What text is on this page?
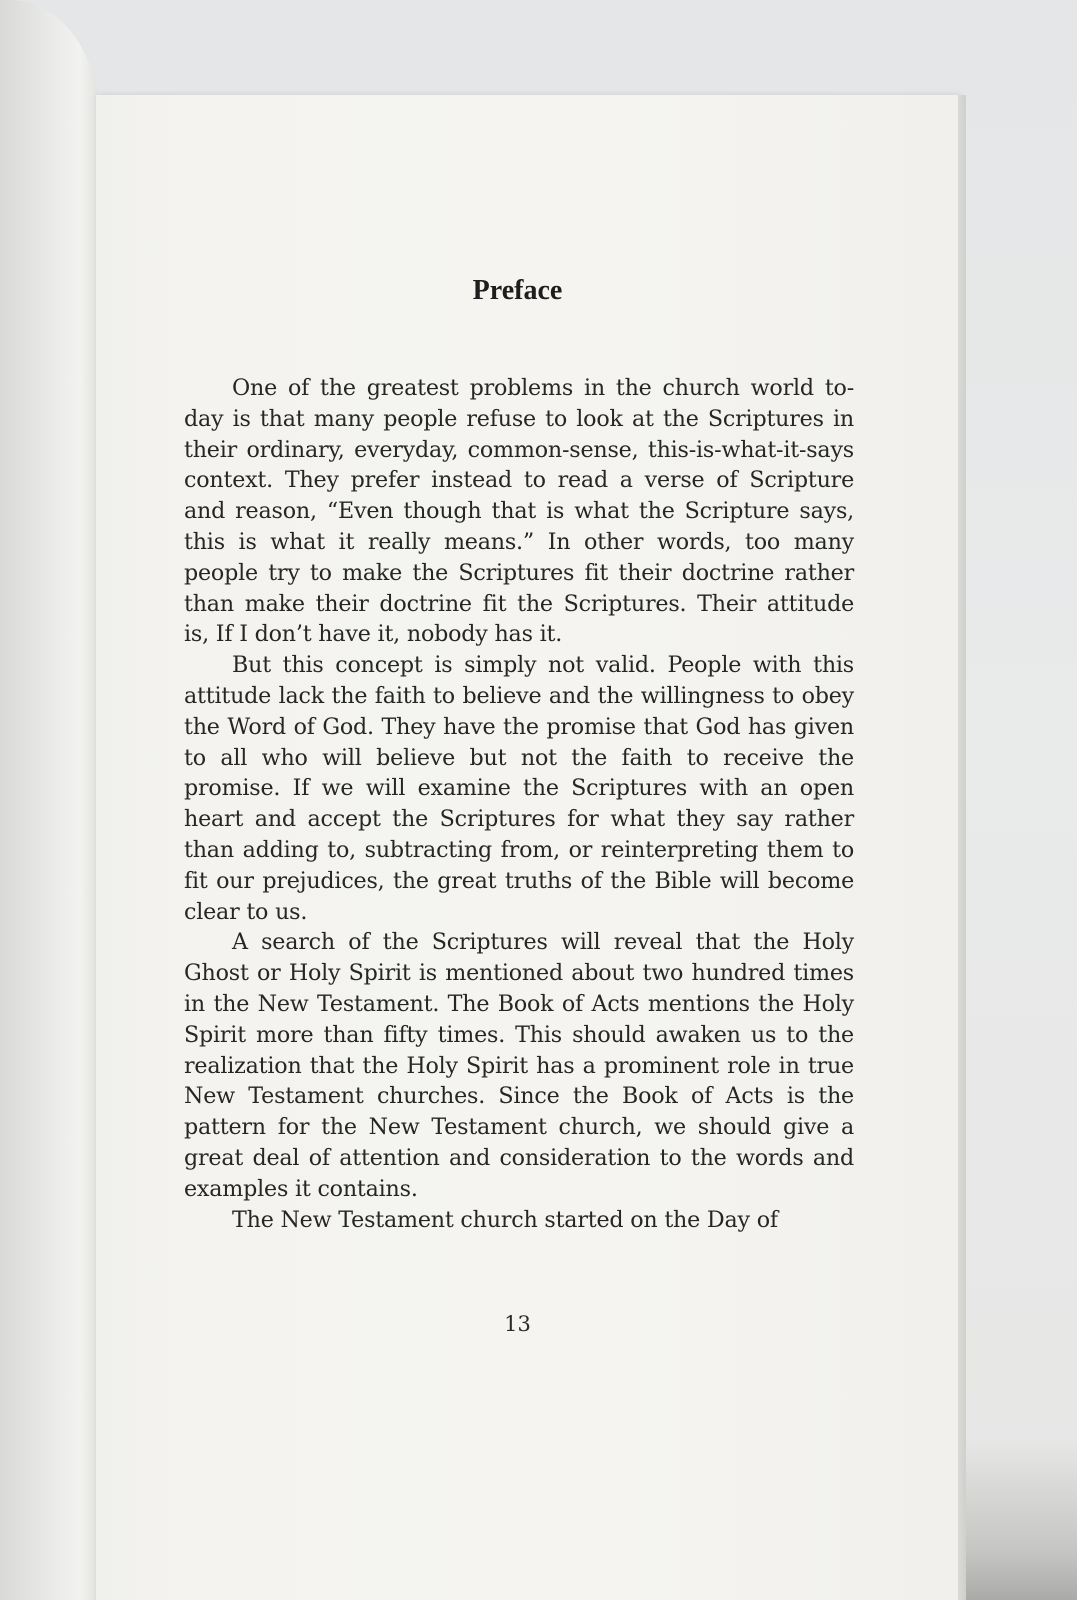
Preface

One of the greatest problems in the church world to-day is that many people refuse to look at the Scriptures in their ordinary, everyday, common-sense, this-is-what-it-says context. They prefer instead to read a verse of Scripture and reason, “Even though that is what the Scripture says, this is what it really means.” In other words, too many people try to make the Scriptures fit their doctrine rather than make their doctrine fit the Scriptures. Their attitude is, If I don’t have it, nobody has it.

But this concept is simply not valid. People with this attitude lack the faith to believe and the willingness to obey the Word of God. They have the promise that God has given to all who will believe but not the faith to receive the promise. If we will examine the Scriptures with an open heart and accept the Scriptures for what they say rather than adding to, subtracting from, or reinterpreting them to fit our prejudices, the great truths of the Bible will become clear to us.

A search of the Scriptures will reveal that the Holy Ghost or Holy Spirit is mentioned about two hundred times in the New Testament. The Book of Acts mentions the Holy Spirit more than fifty times. This should awaken us to the realization that the Holy Spirit has a prominent role in true New Testament churches. Since the Book of Acts is the pattern for the New Testament church, we should give a great deal of attention and consideration to the words and examples it contains.

The New Testament church started on the Day of

13
